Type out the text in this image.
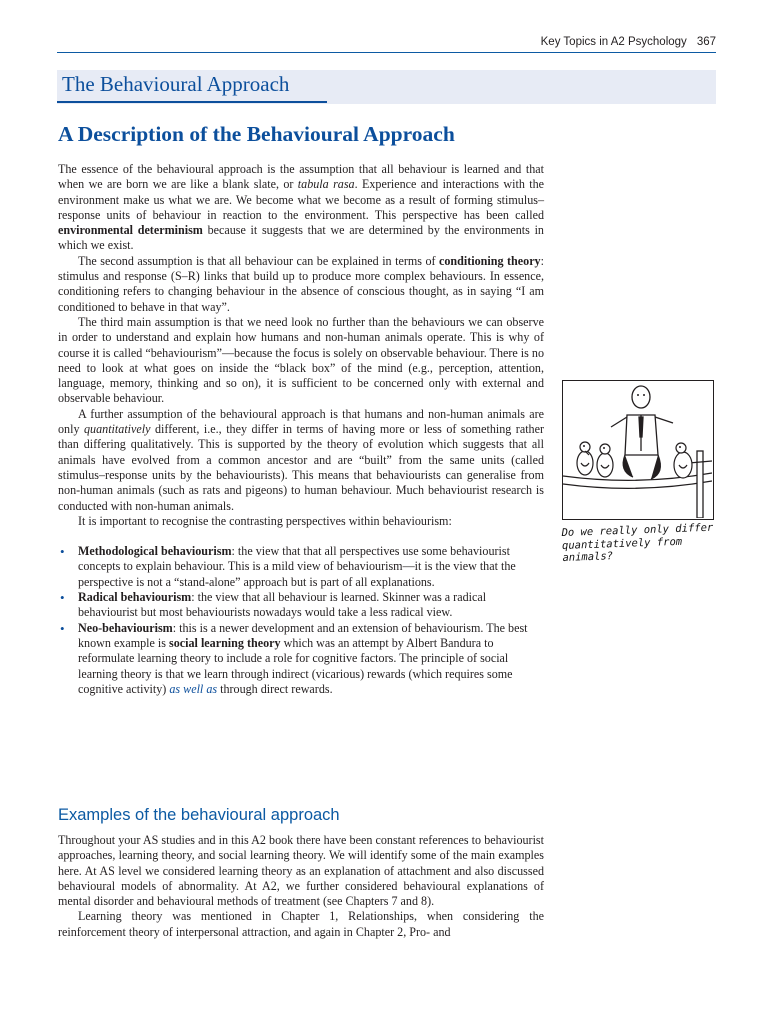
Key Topics in A2 Psychology 367
The Behavioural Approach
A Description of the Behavioural Approach

The essence of the behavioural approach is the assumption that all behaviour is learned and that when we are born we are like a blank slate, or tabula rasa. Experience and interactions with the environment make us what we are. We become what we become as a result of forming stimulus–response units of behaviour in reaction to the environment. This perspective has been called environmental determinism because it suggests that we are determined by the environments in which we exist.

The second assumption is that all behaviour can be explained in terms of conditioning theory: stimulus and response (S–R) links that build up to produce more complex behaviours. In essence, conditioning refers to changing behaviour in the absence of conscious thought, as in saying “I am conditioned to behave in that way”.

The third main assumption is that we need look no further than the behaviours we can observe in order to understand and explain how humans and non-human animals operate. This is why of course it is called “behaviourism”—because the focus is solely on observable behaviour. There is no need to look at what goes on inside the “black box” of the mind (e.g., perception, attention, language, memory, thinking and so on), it is sufficient to be concerned only with external and observable behaviour.

A further assumption of the behavioural approach is that humans and non-human animals are only quantitatively different, i.e., they differ in terms of having more or less of something rather than differing qualitatively. This is supported by the theory of evolution which suggests that all animals have evolved from a common ancestor and are “built” from the same units (called stimulus–response units by the behaviourists). This means that behaviourists can generalise from non-human animals (such as rats and pigeons) to human behaviour. Much behaviourist research is conducted with non-human animals.

It is important to recognise the contrasting perspectives within behaviourism:

• Methodological behaviourism: the view that that all perspectives use some behaviourist concepts to explain behaviour. This is a mild view of behaviourism—it is the view that the perspective is not a “stand-alone” approach but is part of all explanations.
• Radical behaviourism: the view that all behaviour is learned. Skinner was a radical behaviourist but most behaviourists nowadays would take a less radical view.
• Neo-behaviourism: this is a newer development and an extension of behaviourism. The best known example is social learning theory which was an attempt by Albert Bandura to reformulate learning theory to include a role for cognitive factors. The principle of social learning theory is that we learn through indirect (vicarious) rewards (which requires some cognitive activity) as well as through direct rewards.
Examples of the behavioural approach

Throughout your AS studies and in this A2 book there have been constant references to behaviourist approaches, learning theory, and social learning theory. We will identify some of the main examples here. At AS level we considered learning theory as an explanation of attachment and also discussed behavioural models of abnormality. At A2, we further considered behavioural explanations of mental disorder and behavioural methods of treatment (see Chapters 7 and 8).

Learning theory was mentioned in Chapter 1, Relationships, when considering the reinforcement theory of interpersonal attraction, and again in Chapter 2, Pro- and

Do we really only differ
quantitatively from animals?
